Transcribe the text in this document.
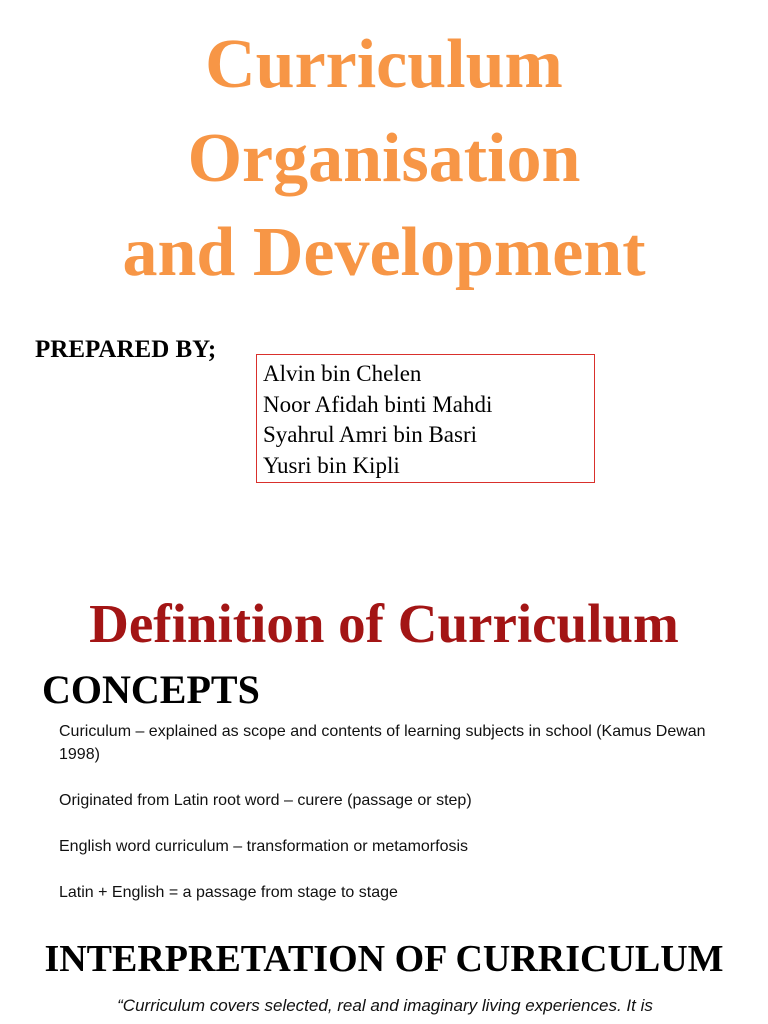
Curriculum
Organisation
and Development
PREPARED BY;
Alvin bin Chelen
Noor Afidah binti Mahdi
Syahrul Amri bin Basri
Yusri bin Kipli
Definition of Curriculum
CONCEPTS

Curiculum – explained as scope and contents of learning subjects in school (Kamus Dewan 1998)

Originated from Latin root word – curere (passage or step)

English word curriculum – transformation or metamorfosis

Latin + English = a passage from stage to stage

INTERPRETATION OF CURRICULUM

“Curriculum covers selected, real and imaginary living experiences. It is
